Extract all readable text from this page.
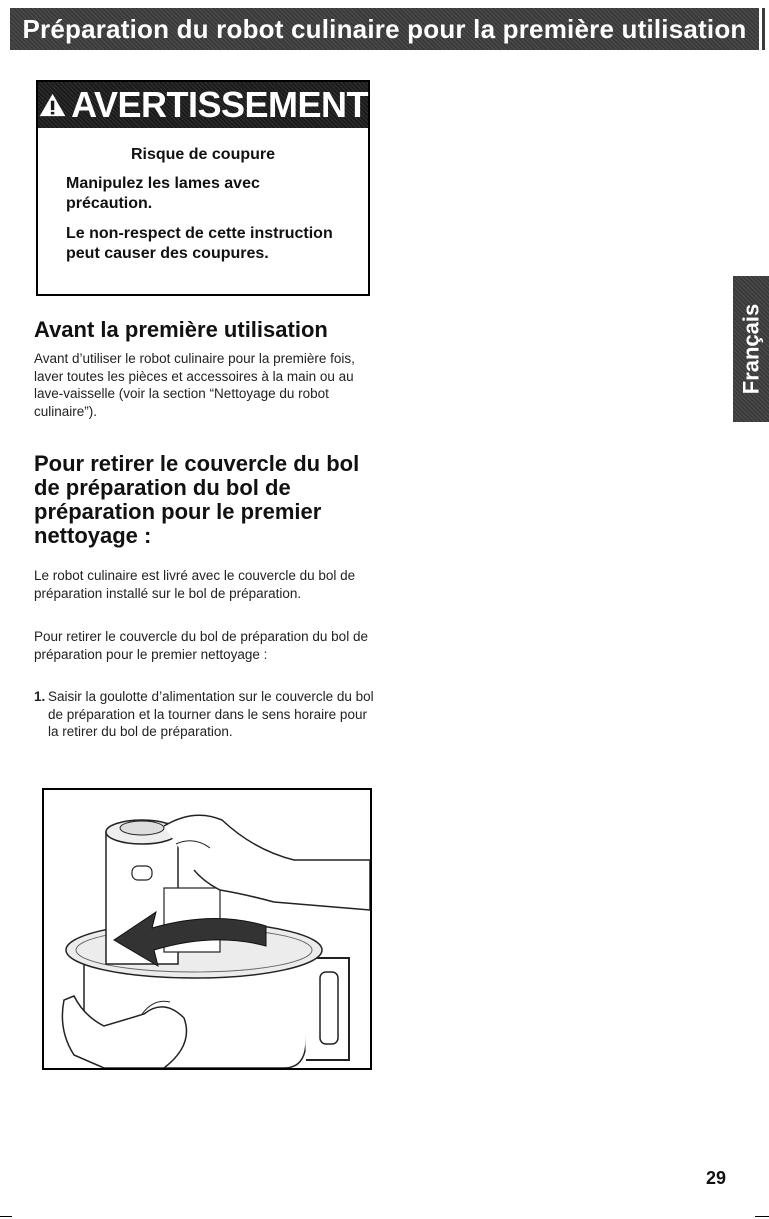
Préparation du robot culinaire pour la première utilisation
AVERTISSEMENT
Risque de coupure

Manipulez les lames avec précaution.

Le non-respect de cette instruction peut causer des coupures.

Avant la première utilisation

Avant d’utiliser le robot culinaire pour la première fois, laver toutes les pièces et accessoires à la main ou au lave-vaisselle (voir la section “Nettoyage du robot culinaire”).

Pour retirer le couvercle du bol de préparation du bol de préparation pour le premier nettoyage :

Le robot culinaire est livré avec le couvercle du bol de préparation installé sur le bol de préparation.

Pour retirer le couvercle du bol de préparation du bol de préparation pour le premier nettoyage :

1. Saisir la goulotte d’alimentation sur le couvercle du bol de préparation et la tourner dans le sens horaire pour la retirer du bol de préparation.
Français
29
